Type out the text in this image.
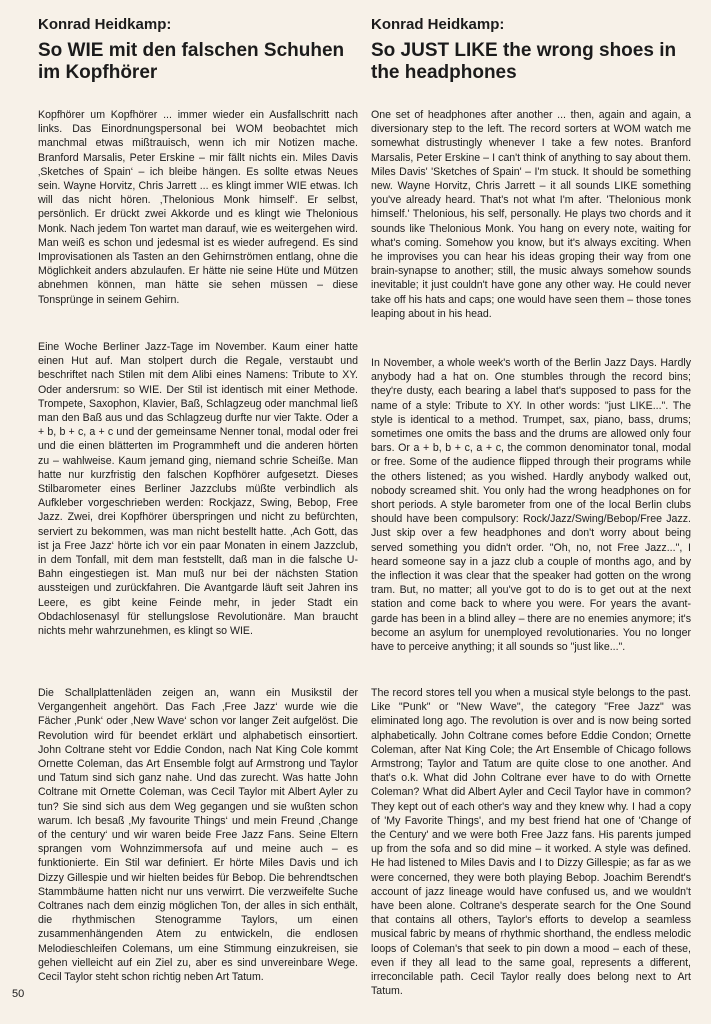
Konrad Heidkamp:

So WIE mit den falschen Schuhen im Kopfhörer

Kopfhörer um Kopfhörer ... immer wieder ein Ausfallschritt nach links. Das Einordnungspersonal bei WOM beobachtet mich manchmal etwas mißtrauisch, wenn ich mir Notizen mache. Branford Marsalis, Peter Erskine – mir fällt nichts ein. Miles Davis ‚Sketches of Spain‘ – ich bleibe hängen. Es sollte etwas Neues sein. Wayne Horvitz, Chris Jarrett ... es klingt immer WIE etwas. Ich will das nicht hören. ‚Thelonious Monk himself‘. Er selbst, persönlich. Er drückt zwei Akkorde und es klingt wie Thelonious Monk. Nach jedem Ton wartet man darauf, wie es weitergehen wird. Man weiß es schon und jedesmal ist es wieder aufregend. Es sind Improvisationen als Tasten an den Gehirnströmen entlang, ohne die Möglichkeit anders abzulaufen. Er hätte nie seine Hüte und Mützen abnehmen können, man hätte sie sehen müssen – diese Tonsprünge in seinem Gehirn.

Eine Woche Berliner Jazz-Tage im November. Kaum einer hatte einen Hut auf. Man stolpert durch die Regale, verstaubt und beschriftet nach Stilen mit dem Alibi eines Namens: Tribute to XY. Oder andersrum: so WIE. Der Stil ist identisch mit einer Methode. Trompete, Saxophon, Klavier, Baß, Schlagzeug oder manchmal ließ man den Baß aus und das Schlagzeug durfte nur vier Takte. Oder a + b, b + c, a + c und der gemeinsame Nenner tonal, modal oder frei und die einen blätterten im Programmheft und die anderen hörten zu – wahlweise. Kaum jemand ging, niemand schrie Scheiße. Man hatte nur kurzfristig den falschen Kopfhörer aufgesetzt. Dieses Stilbarometer eines Berliner Jazzclubs müßte verbindlich als Aufkleber vorgeschrieben werden: Rockjazz, Swing, Bebop, Free Jazz. Zwei, drei Kopfhörer überspringen und nicht zu befürchten, serviert zu bekommen, was man nicht bestellt hatte. ‚Ach Gott, das ist ja Free Jazz‘ hörte ich vor ein paar Monaten in einem Jazzclub, in dem Tonfall, mit dem man feststellt, daß man in die falsche U-Bahn eingestiegen ist. Man muß nur bei der nächsten Station aussteigen und zurückfahren. Die Avantgarde läuft seit Jahren ins Leere, es gibt keine Feinde mehr, in jeder Stadt ein Obdachlosenasyl für stellungslose Revolutionäre. Man braucht nichts mehr wahrzunehmen, es klingt so WIE.

Die Schallplattenläden zeigen an, wann ein Musikstil der Vergangenheit angehört. Das Fach ‚Free Jazz‘ wurde wie die Fächer ‚Punk‘ oder ‚New Wave‘ schon vor langer Zeit aufgelöst. Die Revolution wird für beendet erklärt und alphabetisch einsortiert. John Coltrane steht vor Eddie Condon, nach Nat King Cole kommt Ornette Coleman, das Art Ensemble folgt auf Armstrong und Taylor und Tatum sind sich ganz nahe. Und das zurecht. Was hatte John Coltrane mit Ornette Coleman, was Cecil Taylor mit Albert Ayler zu tun? Sie sind sich aus dem Weg gegangen und sie wußten schon warum. Ich besaß ‚My favourite Things‘ und mein Freund ‚Change of the century‘ und wir waren beide Free Jazz Fans. Seine Eltern sprangen vom Wohnzimmersofa auf und meine auch – es funktionierte. Ein Stil war definiert. Er hörte Miles Davis und ich Dizzy Gillespie und wir hielten beides für Bebop. Die behrendtschen Stammbäume hatten nicht nur uns verwirrt. Die verzweifelte Suche Coltranes nach dem einzig möglichen Ton, der alles in sich enthält, die rhythmischen Stenogramme Taylors, um einen zusammenhängenden Atem zu entwickeln, die endlosen Melodieschleifen Colemans, um eine Stimmung einzukreisen, sie gehen vielleicht auf ein Ziel zu, aber es sind unvereinbare Wege. Cecil Taylor steht schon richtig neben Art Tatum.

Konrad Heidkamp:

So JUST LIKE the wrong shoes in the headphones

One set of headphones after another ... then, again and again, a diversionary step to the left. The record sorters at WOM watch me somewhat distrustingly whenever I take a few notes. Branford Marsalis, Peter Erskine – I can't think of anything to say about them. Miles Davis' 'Sketches of Spain' – I'm stuck. It should be something new. Wayne Horvitz, Chris Jarrett – it all sounds LIKE something you've already heard. That's not what I'm after. 'Thelonious monk himself.' Thelonious, his self, personally. He plays two chords and it sounds like Thelonious Monk. You hang on every note, waiting for what's coming. Somehow you know, but it's always exciting. When he improvises you can hear his ideas groping their way from one brain-synapse to another; still, the music always somehow sounds inevitable; it just couldn't have gone any other way. He could never take off his hats and caps; one would have seen them – those tones leaping about in his head.

In November, a whole week's worth of the Berlin Jazz Days. Hardly anybody had a hat on. One stumbles through the record bins; they're dusty, each bearing a label that's supposed to pass for the name of a style: Tribute to XY. In other words: "just LIKE...". The style is identical to a method. Trumpet, sax, piano, bass, drums; sometimes one omits the bass and the drums are allowed only four bars. Or a + b, b + c, a + c, the common denominator tonal, modal or free. Some of the audience flipped through their programs while the others listened; as you wished. Hardly anybody walked out, nobody screamed shit. You only had the wrong headphones on for short periods. A style barometer from one of the local Berlin clubs should have been compulsory: Rock/Jazz/Swing/Bebop/Free Jazz. Just skip over a few headphones and don't worry about being served something you didn't order. "Oh, no, not Free Jazz...", I heard someone say in a jazz club a couple of months ago, and by the inflection it was clear that the speaker had gotten on the wrong tram. But, no matter; all you've got to do is to get out at the next station and come back to where you were. For years the avant-garde has been in a blind alley – there are no enemies anymore; it's become an asylum for unemployed revolutionaries. You no longer have to perceive anything; it all sounds so "just like...".

The record stores tell you when a musical style belongs to the past. Like "Punk" or "New Wave", the category "Free Jazz" was eliminated long ago. The revolution is over and is now being sorted alphabetically. John Coltrane comes before Eddie Condon; Ornette Coleman, after Nat King Cole; the Art Ensemble of Chicago follows Armstrong; Taylor and Tatum are quite close to one another. And that's o.k. What did John Coltrane ever have to do with Ornette Coleman? What did Albert Ayler and Cecil Taylor have in common? They kept out of each other's way and they knew why. I had a copy of 'My Favorite Things', and my best friend hat one of 'Change of the Century' and we were both Free Jazz fans. His parents jumped up from the sofa and so did mine – it worked. A style was defined. He had listened to Miles Davis and I to Dizzy Gillespie; as far as we were concerned, they were both playing Bebop. Joachim Berendt's account of jazz lineage would have confused us, and we wouldn't have been alone. Coltrane's desperate search for the One Sound that contains all others, Taylor's efforts to develop a seamless musical fabric by means of rhythmic shorthand, the endless melodic loops of Coleman's that seek to pin down a mood – each of these, even if they all lead to the same goal, represents a different, irreconcilable path. Cecil Taylor really does belong next to Art Tatum.

50
